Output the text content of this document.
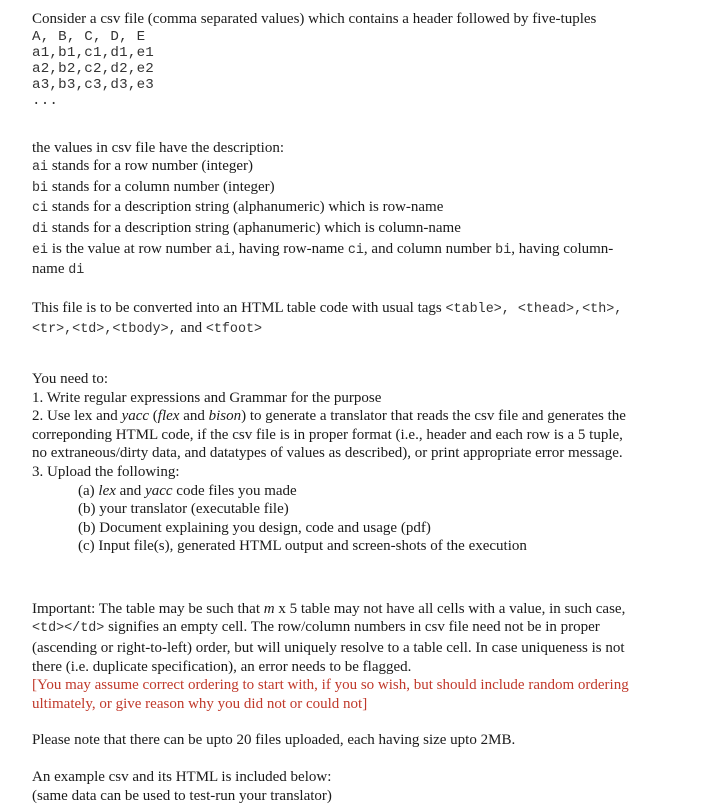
Consider a csv file (comma separated values) which contains a header followed by five-tuples
A, B, C, D, E
a1,b1,c1,d1,e1
a2,b2,c2,d2,e2
a3,b3,c3,d3,e3
...
the values in csv file have the description:
ai stands for a row number (integer)
bi stands for a column number (integer)
ci stands for a description string (alphanumeric) which is row-name
di stands for a description string (aphanumeric) which is column-name
ei is the value at row number ai, having row-name ci, and column number bi, having column-
name di
This file is to be converted into an HTML table code with usual tags <table>, <thead>,<th>,
<tr>,<td>,<tbody>, and <tfoot>
You need to:
1. Write regular expressions and Grammar for the purpose
2. Use lex and yacc (flex and bison) to generate a translator that reads the csv file and generates the
correponding HTML code, if the csv file is in proper format (i.e., header and each row is a 5 tuple,
no extraneous/dirty data, and datatypes of values as described), or print appropriate error message.
3. Upload the following:
(a) lex and yacc code files you made
(b) your translator (executable file)
(b) Document explaining you design, code and usage (pdf)
(c) Input file(s), generated HTML output and screen-shots of the execution
Important: The table may be such that m x 5 table may not have all cells with a value, in such case,
<td></td> signifies an empty cell. The row/column numbers in csv file need not be in proper
(ascending or right-to-left) order, but will uniquely resolve to a table cell. In case uniqueness is not
there (i.e. duplicate specification), an error needs to be flagged.
[You may assume correct ordering to start with, if you so wish, but should include random ordering
ultimately, or give reason why you did not or could not]
Please note that there can be upto 20 files uploaded, each having size upto 2MB.
An example csv and its HTML is included below:
(same data can be used to test-run your translator)
